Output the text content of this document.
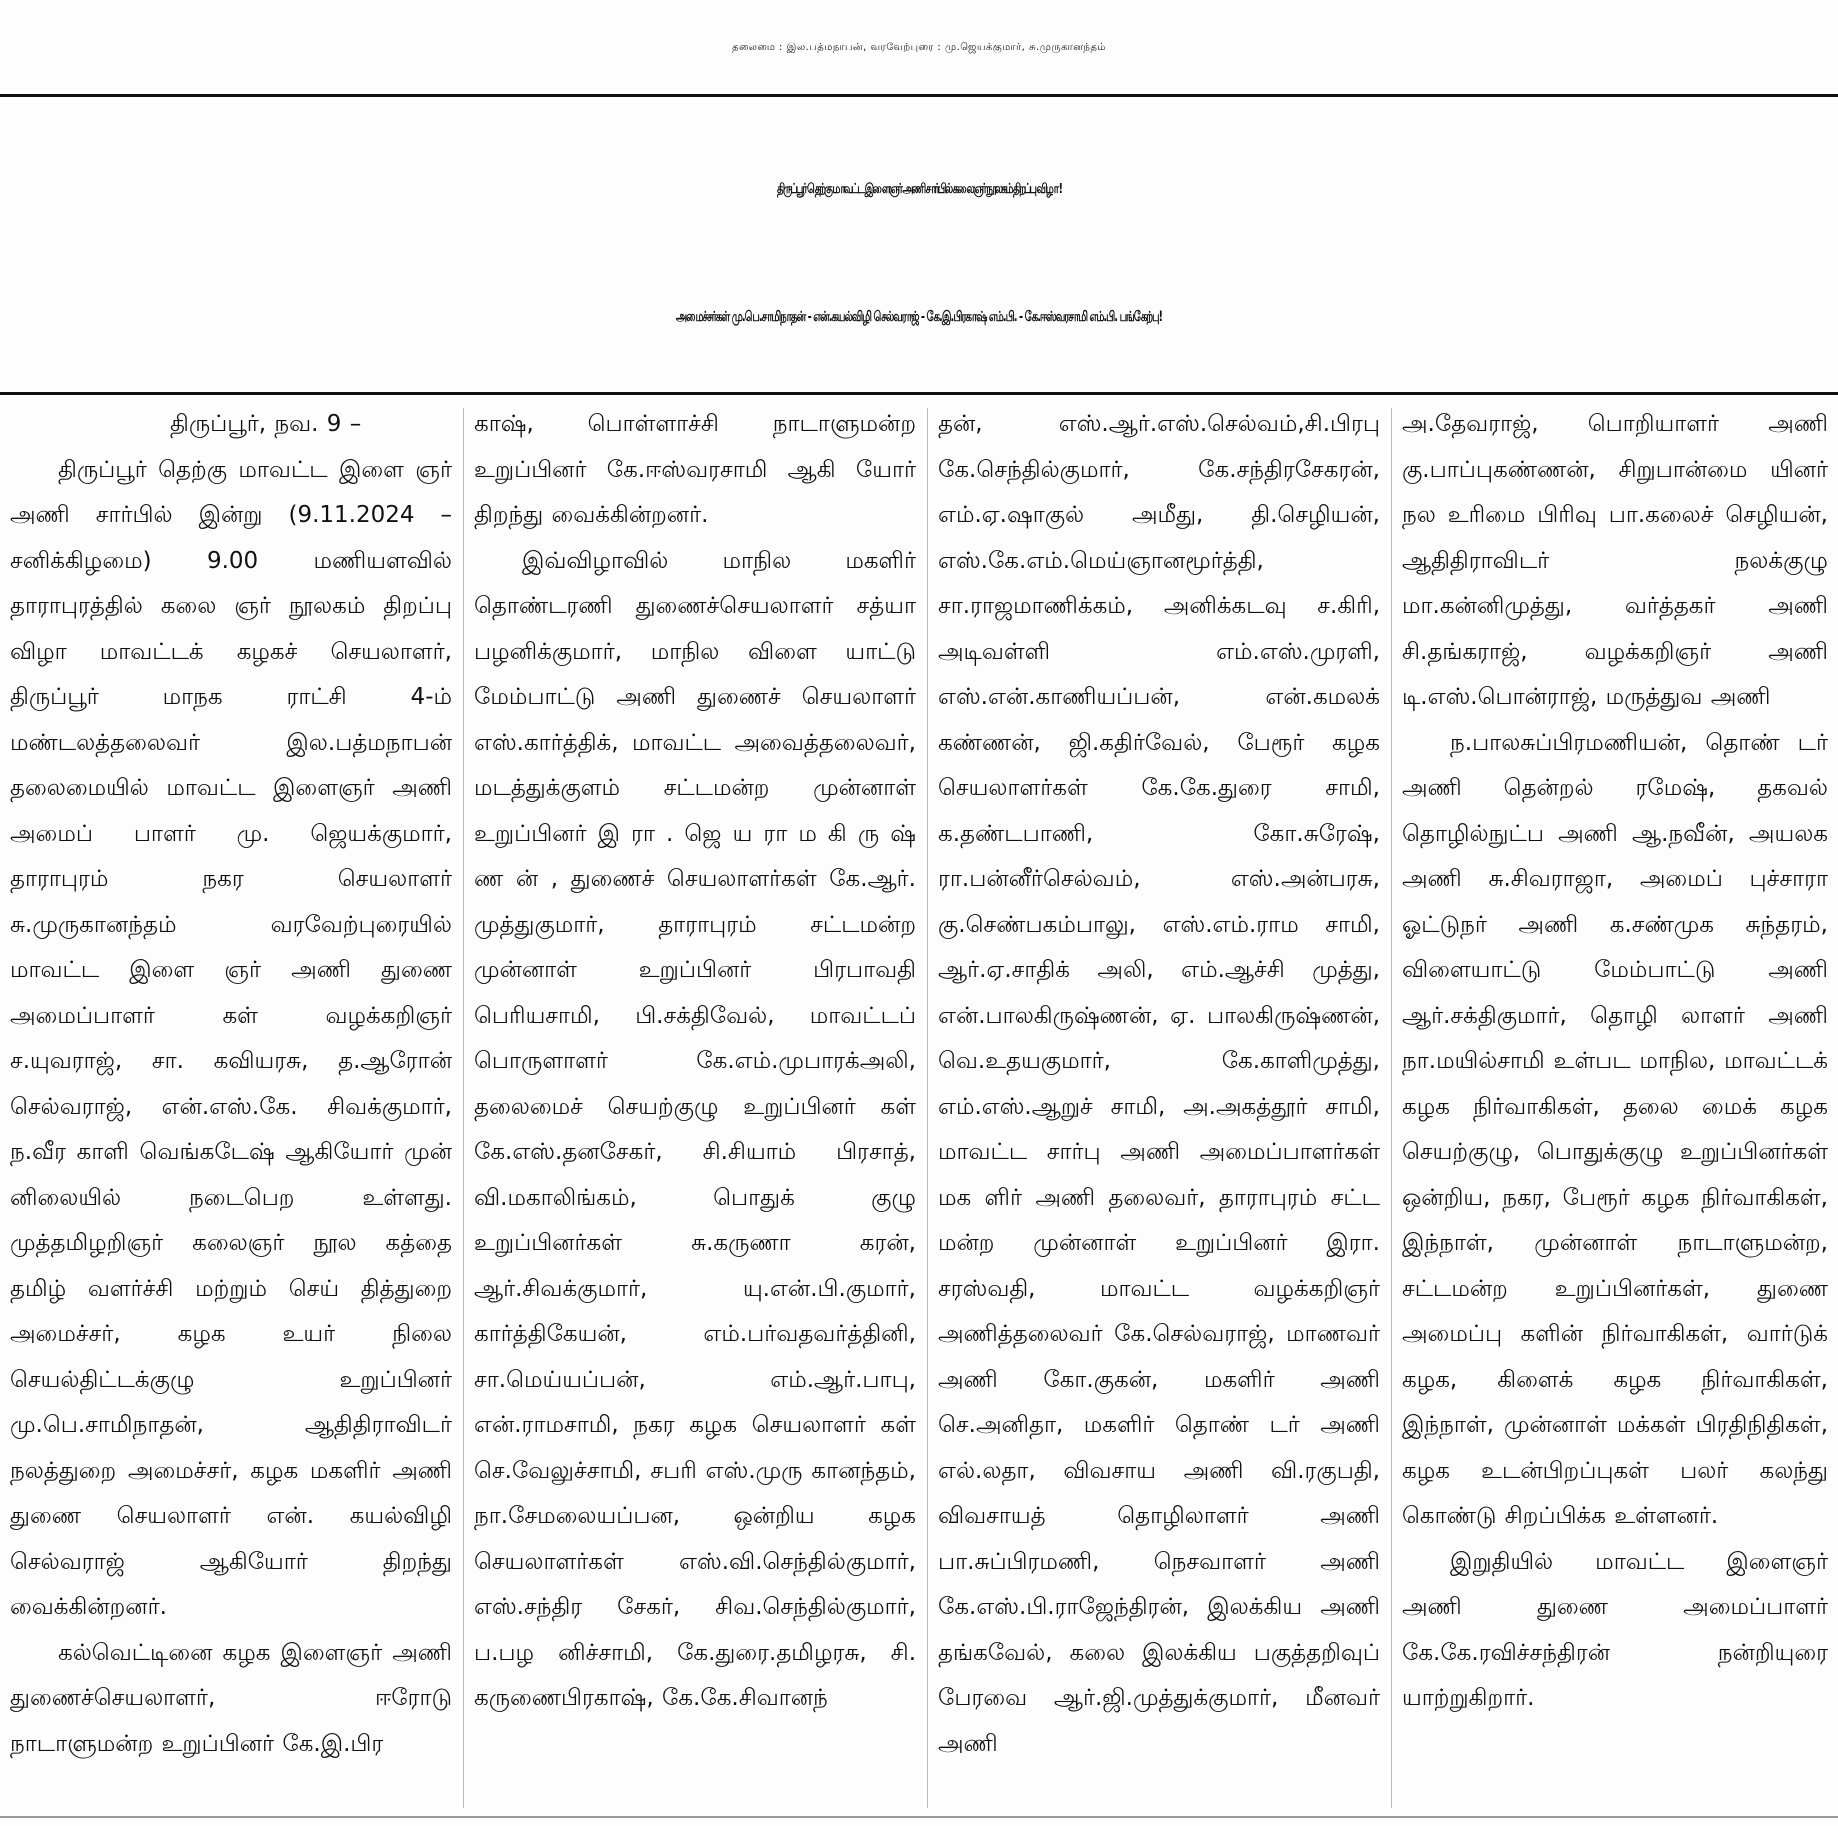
தலைமை : இல.பத்மநாபன், வரவேற்புரை : மு.ஜெயக்குமார், சு.முருகானந்தம்
திருப்பூர் தெற்கு மாவட்ட இளைஞர் அணி சார்பில் கலைஞர் நூலகம் திறப்பு விழா !
அமைச்சர்கள் மு.பெ.சாமிநாதன் - என்.கயல்விழி செல்வராஜ் - கே.இ.பிரகாஷ் எம்.பி. - கே.ஈஸ்வரசாமி எம்.பி. பங்கேற்பு!

திருப்பூர், நவ. 9 –

திருப்பூர் தெற்கு மாவட்ட இளை ஞர் அணி சார்பில் இன்று (9.11.2024 – சனிக்கிழமை) 9.00 மணியளவில் தாராபுரத்தில் கலை ஞர் நூலகம் திறப்பு விழா மாவட்டக் கழகச் செயலாளர், திருப்பூர் மாநக ராட்சி 4-ம் மண்டலத்தலைவர் இல.பத்மநாபன் தலைமையில் மாவட்ட இளைஞர் அணி அமைப் பாளர் மு. ஜெயக்குமார், தாராபுரம் நகர செயலாளர் சு.முருகானந்தம் வரவேற்புரையில் மாவட்ட இளை ஞர் அணி துணை அமைப்பாளர் கள் வழக்கறிஞர் ச.யுவராஜ், சா. கவியரசு, த.ஆரோன் செல்வராஜ், என்.எஸ்.கே. சிவக்குமார், ந.வீர காளி வெங்கடேஷ் ஆகியோர் முன் னிலையில் நடைபெற உள்ளது. முத்தமிழறிஞர் கலைஞர் நூல கத்தை தமிழ் வளர்ச்சி மற்றும் செய் தித்துறை அமைச்சர், கழக உயர் நிலை செயல்திட்டக்குழு உறுப்பினர் மு.பெ.சாமிநாதன், ஆதிதிராவிடர் நலத்துறை அமைச்சர், கழக மகளிர் அணி துணை செயலாளர் என். கயல்விழி செல்வராஜ் ஆகியோர் திறந்து வைக்கின்றனர்.

கல்வெட்டினை கழக இளைஞர் அணி துணைச்செயலாளர், ஈரோடு நாடாளுமன்ற உறுப்பினர் கே.இ.பிர

காஷ், பொள்ளாச்சி நாடாளுமன்ற உறுப்பினர் கே.ஈஸ்வரசாமி ஆகி யோர் திறந்து வைக்கின்றனர்.

இவ்விழாவில் மாநில மகளிர் தொண்டரணி துணைச்செயலாளர் சத்யா பழனிக்குமார், மாநில விளை யாட்டு மேம்பாட்டு அணி துணைச் செயலாளர் எஸ்.கார்த்திக், மாவட்ட அவைத்தலைவர், மடத்துக்குளம் சட்டமன்ற முன்னாள் உறுப்பினர் இ ரா . ஜெ ய ரா ம கி ரு ஷ் ண ன் , துணைச் செயலாளர்கள் கே.ஆர். முத்துகுமார், தாராபுரம் சட்டமன்ற முன்னாள் உறுப்பினர் பிரபாவதி பெரியசாமி, பி.சக்திவேல், மாவட்டப் பொருளாளர் கே.எம்.முபாரக்அலி, தலைமைச் செயற்குழு உறுப்பினர் கள் கே.எஸ்.தனசேகர், சி.சியாம் பிரசாத், வி.மகாலிங்கம், பொதுக் குழு உறுப்பினர்கள் சு.கருணா கரன், ஆர்.சிவக்குமார், யு.என்.பி.குமார், கார்த்திகேயன், எம்.பர்வதவர்த்தினி, சா.மெய்யப்பன், எம்.ஆர்.பாபு, என்.ராமசாமி, நகர கழக செயலாளர் கள் செ.வேலுச்சாமி, சபரி எஸ்.முரு கானந்தம், நா.சேமலையப்பன, ஒன்றிய கழக செயலாளர்கள் எஸ்.வி.செந்தில்குமார், எஸ்.சந்திர சேகர், சிவ.செந்தில்குமார், ப.பழ னிச்சாமி, கே.துரை.தமிழரசு, சி. கருணைபிரகாஷ், கே.கே.சிவானந்

தன், எஸ்.ஆர்.எஸ்.செல்வம்,சி.பிரபு கே.செந்தில்குமார், கே.சந்திரசேகரன், எம்.ஏ.ஷாகுல் அமீது, தி.செழியன், எஸ்.கே.எம்.மெய்ஞானமூர்த்தி, சா.ராஜமாணிக்கம், அனிக்கடவு ச.கிரி, அடிவள்ளி எம்.எஸ்.முரளி, எஸ்.என்.காணியப்பன், என்.கமலக் கண்ணன், ஜி.கதிர்வேல், பேரூர் கழக செயலாளர்கள் கே.கே.துரை சாமி, க.தண்டபாணி, கோ.சுரேஷ், ரா.பன்னீர்செல்வம், எஸ்.அன்பரசு, கு.செண்பகம்பாலு, எஸ்.எம்.ராம சாமி, ஆர்.ஏ.சாதிக் அலி, எம்.ஆச்சி முத்து, என்.பாலகிருஷ்ணன், ஏ. பாலகிருஷ்ணன், வெ.உதயகுமார், கே.காளிமுத்து, எம்.எஸ்.ஆறுச் சாமி, அ.அகத்தூர் சாமி, மாவட்ட சார்பு அணி அமைப்பாளர்கள் மக ளிர் அணி தலைவர், தாராபுரம் சட்ட மன்ற முன்னாள் உறுப்பினர் இரா. சரஸ்வதி, மாவட்ட வழக்கறிஞர் அணித்தலைவர் கே.செல்வராஜ், மாணவர் அணி கோ.குகன், மகளிர் அணி செ.அனிதா, மகளிர் தொண் டர் அணி எல்.லதா, விவசாய அணி வி.ரகுபதி, விவசாயத் தொழிலாளர் அணி பா.சுப்பிரமணி, நெசவாளர் அணி கே.எஸ்.பி.ராஜேந்திரன், இலக்கிய அணி தங்கவேல், கலை இலக்கிய பகுத்தறிவுப் பேரவை ஆர்.ஜி.முத்துக்குமார், மீனவர் அணி

அ.தேவராஜ், பொறியாளர் அணி கு.பாப்புகண்ணன், சிறுபான்மை யினர் நல உரிமை பிரிவு பா.கலைச் செழியன், ஆதிதிராவிடர் நலக்குழு மா.கன்னிமுத்து, வர்த்தகர் அணி சி.தங்கராஜ், வழக்கறிஞர் அணி டி.எஸ்.பொன்ராஜ், மருத்துவ அணி

ந.பாலசுப்பிரமணியன், தொண் டர் அணி தென்றல் ரமேஷ், தகவல் தொழில்நுட்ப அணி ஆ.நவீன், அயலக அணி சு.சிவராஜா, அமைப் புச்சாரா ஓட்டுநர் அணி க.சண்முக சுந்தரம், விளையாட்டு மேம்பாட்டு அணி ஆர்.சக்திகுமார், தொழி லாளர் அணி நா.மயில்சாமி உள்பட மாநில, மாவட்டக் கழக நிர்வாகிகள், தலை மைக் கழக செயற்குழு, பொதுக்குழு உறுப்பினர்கள் ஒன்றிய, நகர, பேரூர் கழக நிர்வாகிகள், இந்நாள், முன்னாள் நாடாளுமன்ற, சட்டமன்ற உறுப்பினர்கள், துணை அமைப்பு களின் நிர்வாகிகள், வார்டுக் கழக, கிளைக் கழக நிர்வாகிகள், இந்நாள், முன்னாள் மக்கள் பிரதிநிதிகள், கழக உடன்பிறப்புகள் பலர் கலந்து கொண்டு சிறப்பிக்க உள்ளனர்.

இறுதியில் மாவட்ட இளைஞர் அணி துணை அமைப்பாளர் கே.கே.ரவிச்சந்திரன் நன்றியுரை யாற்றுகிறார்.
